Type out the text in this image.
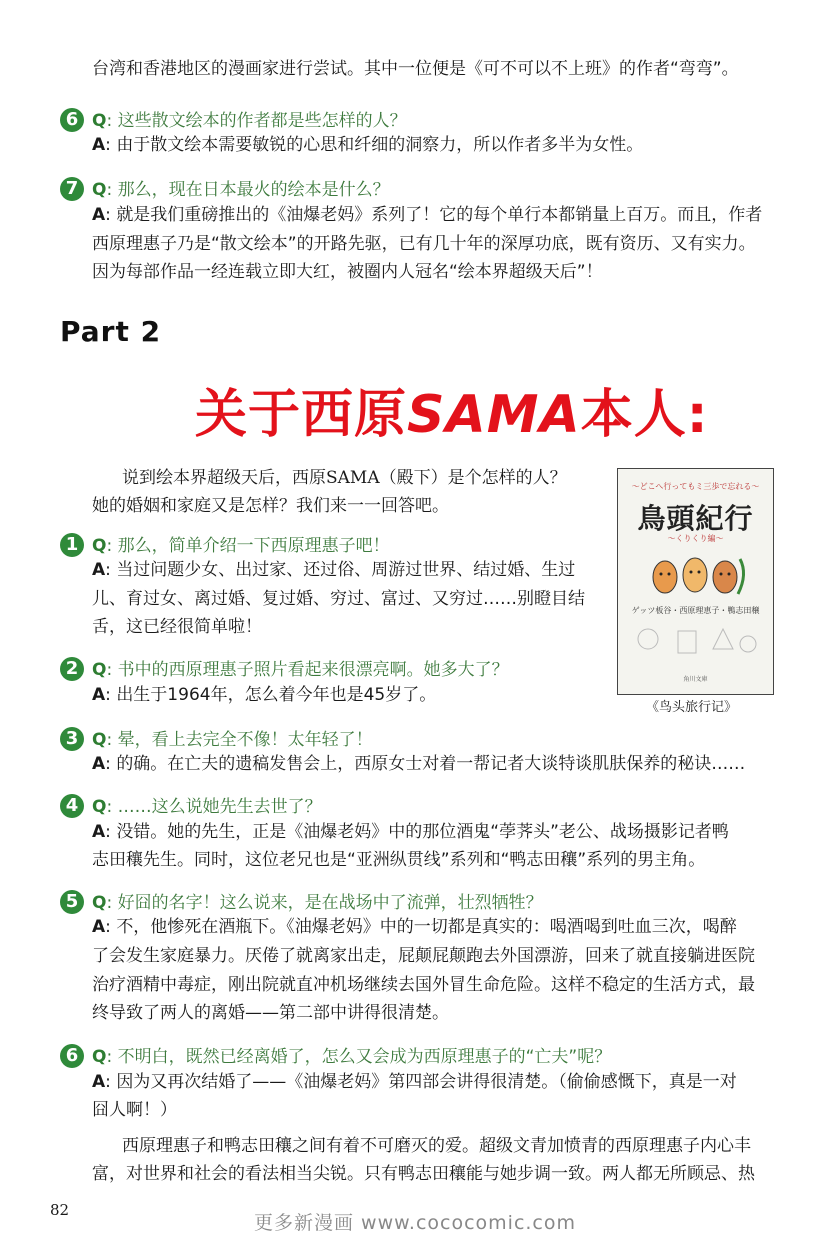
台湾和香港地区的漫画家进行尝试。其中一位便是《可不可以不上班》的作者“弯弯”。
6 Q: 这些散文绘本的作者都是些怎样的人？
A: 由于散文绘本需要敏锐的心思和纤细的洞察力，所以作者多半为女性。
7 Q: 那么，现在日本最火的绘本是什么？
A: 就是我们重磅推出的《油爆老妈》系列了！它的每个单行本都销量上百万。而且，作者
西原理惠子乃是“散文绘本”的开路先驱，已有几十年的深厚功底，既有资历、又有实力。
因为每部作品一经连载立即大红，被圈内人冠名“绘本界超级天后”！
Part 2
关于西原SAMA本人:
说到绘本界超级天后，西原SAMA（殿下）是个怎样的人？
她的婚姻和家庭又是怎样？我们来一一回答吧。
～どこへ行ってもミ三歩で忘れる～
鳥頭紀行
～くりくり編～
ゲッツ板谷・西原理恵子・鴨志田穣
角川文庫
《鸟头旅行记》
1 Q: 那么，简单介绍一下西原理惠子吧！
A: 当过问题少女、出过家、还过俗、周游过世界、结过婚、生过
儿、育过女、离过婚、复过婚、穷过、富过、又穷过……别瞪目结
舌，这已经很简单啦！
2 Q: 书中的西原理惠子照片看起来很漂亮啊。她多大了？
A: 出生于1964年，怎么着今年也是45岁了。
3 Q: 晕，看上去完全不像！太年轻了！
A: 的确。在亡夫的遗稿发售会上，西原女士对着一帮记者大谈特谈肌肤保养的秘诀……
4 Q: ……这么说她先生去世了？
A: 没错。她的先生，正是《油爆老妈》中的那位酒鬼“荸荠头”老公、战场摄影记者鸭
志田穰先生。同时，这位老兄也是“亚洲纵贯线”系列和“鸭志田穰”系列的男主角。
5 Q: 好囧的名字！这么说来，是在战场中了流弹，壮烈牺牲？
A: 不，他惨死在酒瓶下。《油爆老妈》中的一切都是真实的：喝酒喝到吐血三次，喝醉
了会发生家庭暴力。厌倦了就离家出走，屁颠屁颠跑去外国漂游，回来了就直接躺进医院
治疗酒精中毒症，刚出院就直冲机场继续去国外冒生命危险。这样不稳定的生活方式，最
终导致了两人的离婚——第二部中讲得很清楚。
6 Q: 不明白，既然已经离婚了，怎么又会成为西原理惠子的“亡夫”呢？
A: 因为又再次结婚了——《油爆老妈》第四部会讲得很清楚。（偷偷感慨下，真是一对
囧人啊！）
西原理惠子和鸭志田穰之间有着不可磨灭的爱。超级文青加愤青的西原理惠子内心丰
富，对世界和社会的看法相当尖锐。只有鸭志田穰能与她步调一致。两人都无所顾忌、热
82
更多新漫画 www.cococomic.com
